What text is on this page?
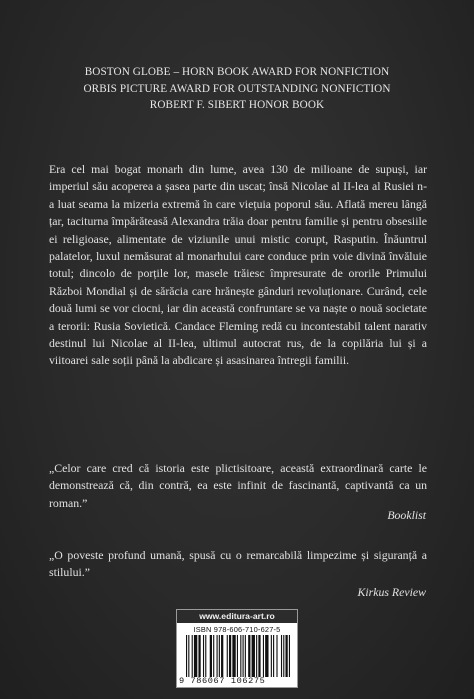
BOSTON GLOBE – HORN BOOK AWARD FOR NONFICTION
ORBIS PICTURE AWARD FOR OUTSTANDING NONFICTION
ROBERT F. SIBERT HONOR BOOK

Era cel mai bogat monarh din lume, avea 130 de milioane de supuși, iar imperiul său acoperea a șasea parte din uscat; însă Nicolae al II-lea al Rusiei n-a luat seama la mizeria extremă în care viețuia poporul său. Aflată mereu lângă țar, taciturna împărăteasă Alexandra trăia doar pentru familie și pentru obsesiile ei religioase, alimentate de viziunile unui mistic corupt, Rasputin. Înăuntrul palatelor, luxul nemăsurat al monarhului care conduce prin voie divină învăluie totul; dincolo de porțile lor, masele trăiesc împresurate de ororile Primului Război Mondial și de sărăcia care hrănește gânduri revoluționare. Curând, cele două lumi se vor ciocni, iar din această confruntare se va naște o nouă societate a terorii: Rusia Sovietică. Candace Fleming redă cu incontestabil talent narativ destinul lui Nicolae al II-lea, ultimul autocrat rus, de la copilăria lui și a viitoarei sale soții până la abdicare și asasinarea întregii familii.

„Celor care cred că istoria este plictisitoare, această extraordinară carte le demonstrează că, din contră, ea este infinit de fascinantă, captivantă ca un roman.”

Booklist

„O poveste profund umană, spusă cu o remarcabilă limpezime și siguranță a stilului.”

Kirkus Review
www.editura-art.ro
ISBN 978-606-710-627-5
9 786067 106275
